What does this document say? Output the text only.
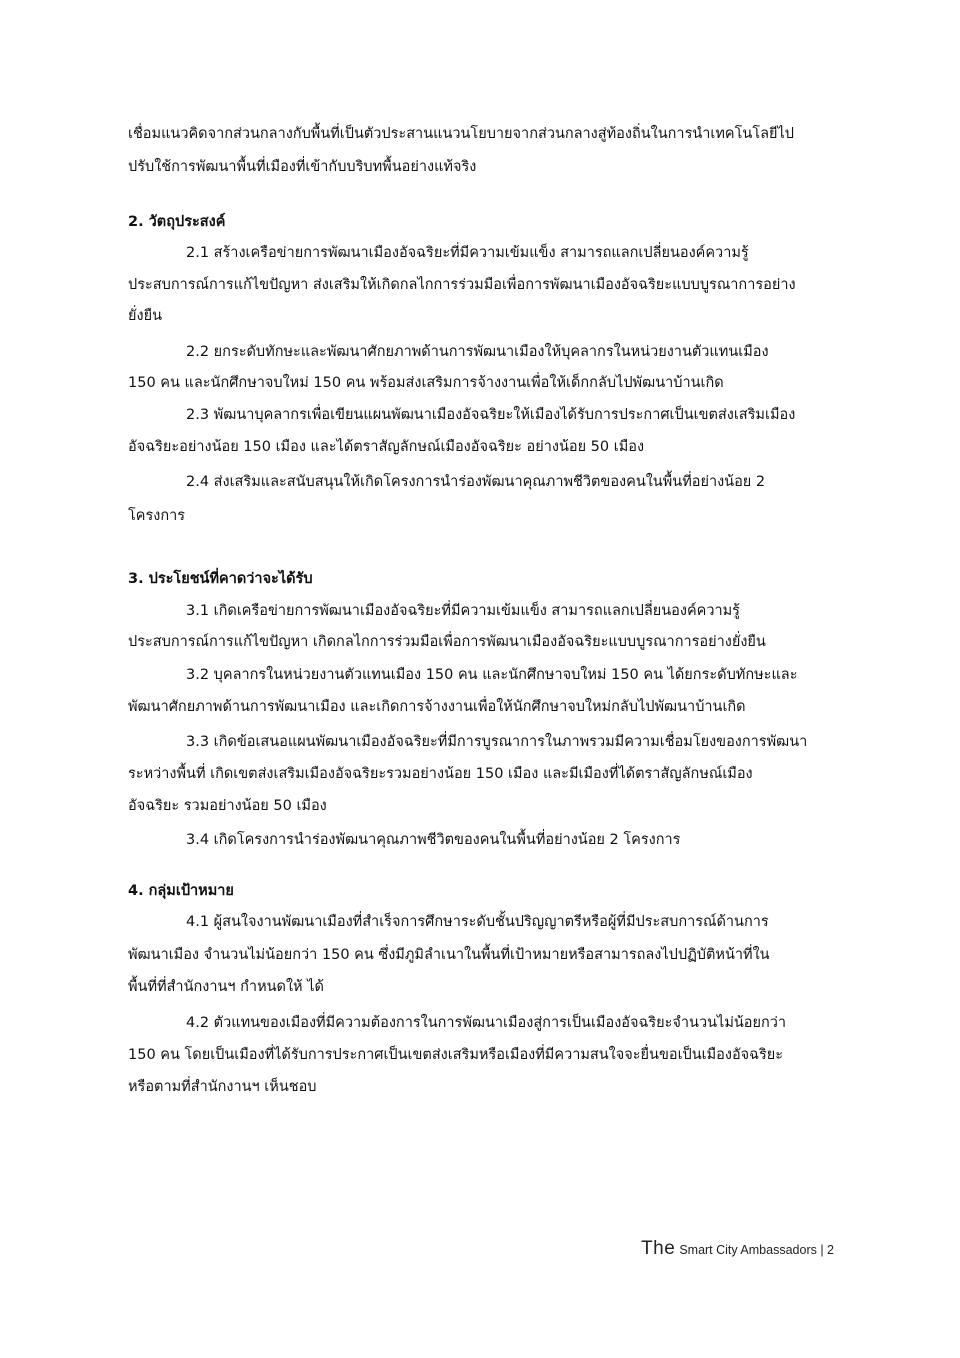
เชื่อมแนวคิดจากส่วนกลางกับพื้นที่เป็นตัวประสานแนวนโยบายจากส่วนกลางสู่ท้องถิ่นในการนำเทคโนโลยีไป

ปรับใช้การพัฒนาพื้นที่เมืองที่เข้ากับบริบทพื้นอย่างแท้จริง

2. วัตถุประสงค์

2.1 สร้างเครือข่ายการพัฒนาเมืองอัจฉริยะที่มีความเข้มแข็ง สามารถแลกเปลี่ยนองค์ความรู้

ประสบการณ์การแก้ไขปัญหา ส่งเสริมให้เกิดกลไกการร่วมมือเพื่อการพัฒนาเมืองอัจฉริยะแบบบูรณาการอย่าง

ยั่งยืน

2.2 ยกระดับทักษะและพัฒนาศักยภาพด้านการพัฒนาเมืองให้บุคลากรในหน่วยงานตัวแทนเมือง

150 คน และนักศึกษาจบใหม่ 150 คน พร้อมส่งเสริมการจ้างงานเพื่อให้เด็กกลับไปพัฒนาบ้านเกิด

2.3 พัฒนาบุคลากรเพื่อเขียนแผนพัฒนาเมืองอัจฉริยะให้เมืองได้รับการประกาศเป็นเขตส่งเสริมเมือง

อัจฉริยะอย่างน้อย 150 เมือง และได้ตราสัญลักษณ์เมืองอัจฉริยะ อย่างน้อย 50 เมือง

2.4 ส่งเสริมและสนับสนุนให้เกิดโครงการนำร่องพัฒนาคุณภาพชีวิตของคนในพื้นที่อย่างน้อย 2

โครงการ

3. ประโยชน์ที่คาดว่าจะได้รับ

3.1 เกิดเครือข่ายการพัฒนาเมืองอัจฉริยะที่มีความเข้มแข็ง สามารถแลกเปลี่ยนองค์ความรู้

ประสบการณ์การแก้ไขปัญหา เกิดกลไกการร่วมมือเพื่อการพัฒนาเมืองอัจฉริยะแบบบูรณาการอย่างยั่งยืน

3.2 บุคลากรในหน่วยงานตัวแทนเมือง 150 คน และนักศึกษาจบใหม่ 150 คน ได้ยกระดับทักษะและ

พัฒนาศักยภาพด้านการพัฒนาเมือง และเกิดการจ้างงานเพื่อให้นักศึกษาจบใหม่กลับไปพัฒนาบ้านเกิด

3.3 เกิดข้อเสนอแผนพัฒนาเมืองอัจฉริยะที่มีการบูรณาการในภาพรวมมีความเชื่อมโยงของการพัฒนา

ระหว่างพื้นที่ เกิดเขตส่งเสริมเมืองอัจฉริยะรวมอย่างน้อย 150 เมือง และมีเมืองที่ได้ตราสัญลักษณ์เมือง

อัจฉริยะ รวมอย่างน้อย 50 เมือง

3.4 เกิดโครงการนำร่องพัฒนาคุณภาพชีวิตของคนในพื้นที่อย่างน้อย 2 โครงการ

4. กลุ่มเป้าหมาย

4.1 ผู้สนใจงานพัฒนาเมืองที่สำเร็จการศึกษาระดับชั้นปริญญาตรีหรือผู้ที่มีประสบการณ์ด้านการ

พัฒนาเมือง จำนวนไม่น้อยกว่า 150 คน ซึ่งมีภูมิลำเนาในพื้นที่เป้าหมายหรือสามารถลงไปปฏิบัติหน้าที่ใน

พื้นที่ที่สำนักงานฯ กำหนดให้ ได้

4.2 ตัวแทนของเมืองที่มีความต้องการในการพัฒนาเมืองสู่การเป็นเมืองอัจฉริยะจำนวนไม่น้อยกว่า

150 คน โดยเป็นเมืองที่ได้รับการประกาศเป็นเขตส่งเสริมหรือเมืองที่มีความสนใจจะยื่นขอเป็นเมืองอัจฉริยะ

หรือตามที่สำนักงานฯ เห็นชอบ

The Smart City Ambassadors | 2
